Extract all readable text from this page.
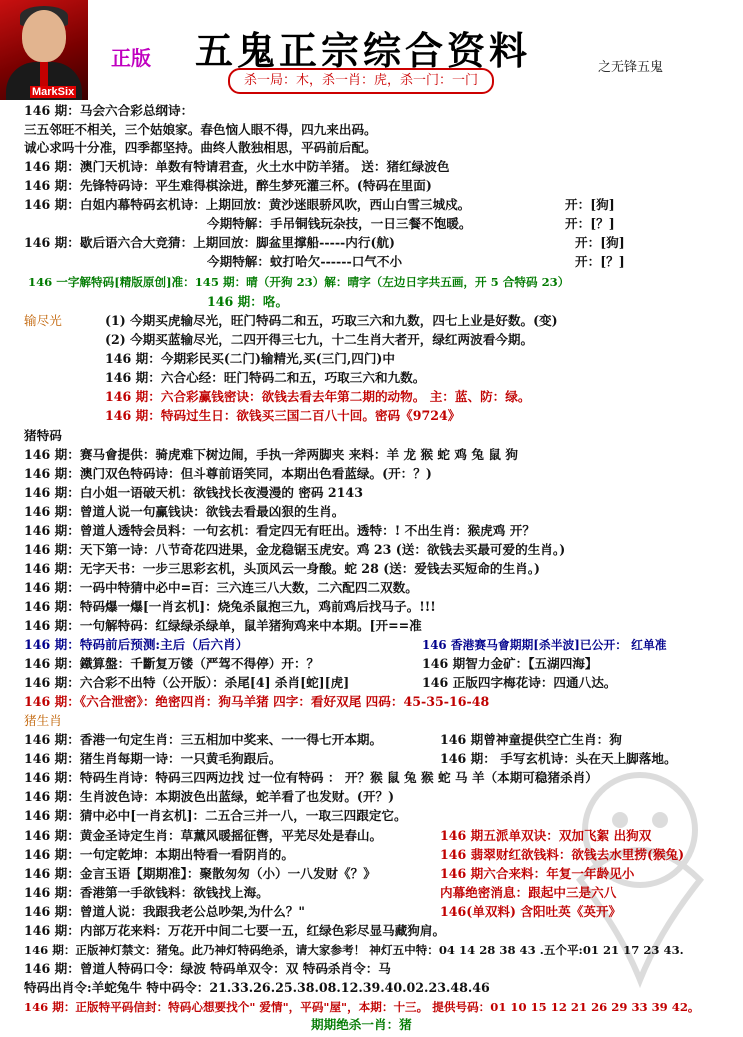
MarkSix
正版 五鬼正宗综合资料
杀一局：木，杀一肖：虎，杀一门：一门
之无锋五鬼
146 期：马会六合彩总纲诗：
三五邻旺不相关，三个姑娘家。春色恼人眼不得，四九来出码。
诚心求吗十分准，四季都坚持。曲终人散独相思，平码前后配。
146 期：澳门天机诗：单数有特请君查，火土水中防羊猪。 送：猪红绿波色
146 期：先锋特码诗：平生难得棋涂进，醉生梦死灌三杯。(特码在里面)
146 期：白姐内幕特码玄机诗：上期回放：黄沙迷眼骄风吹，西山白雪三城戍。	开：[狗]
今期特解：手吊铜钱玩杂技，一日三餐不饱暖。	开：[？]
146 期：歇后语六合大竞猜：上期回放：脚盆里撑船-----内行(航)	开：[狗]
今期特解：蚊打哈欠------口气不小	开：[？]
146 一字解特码[精版原创]准：145 期：晴（开狗 23）解：晴字（左边日字共五画，开 5 合特码 23）
146 期：咯。
输尽光	(1) 今期买虎输尽光，旺门特码二和五，巧取三六和九数，四七上业是好数。(变)
(2) 今期买蓝输尽光，二四开得三七九，十二生肖大者开，绿红两波看今期。
146 期：今期彩民买(二门)输精光,买(三门,四门)中
146 期：六合心经：旺门特码二和五，巧取三六和九数。
146 期：六合彩赢钱密诀：欲钱去看去年第二期的动物。 主：蓝、防：绿。
146 期：特码过生日：欲钱买三国二百八十回。密码《9724》
猪特码
146 期：赛马會提供：骑虎难下树边闹，手执一斧两脚夹 来料：羊 龙 猴 蛇 鸡 兔 鼠 狗
146 期：澳门双色特码诗：但斗尊前语笑同，本期出色看蓝绿。(开：？)
146 期：白小姐一语破天机：欲钱找长夜漫漫的 密码 2143
146 期：曾道人说一句赢钱诀：欲钱去看最凶狠的生肖。
146 期：曾道人透特会员料：一句玄机：看定四无有旺出。透特：! 不出生肖：猴虎鸡 开？
146 期：天下第一诗：八节奇花四进果，金龙稳锯玉虎安。鸡 23 (送：欲钱去买最可爱的生肖。)
146 期：无字天书：一步三思彩玄机，头顶风云一身酸。蛇 28 (送：爱钱去买短命的生肖。)
146 期：一码中特猜中必中=百：三六连三八大数，二六配四二双数。
146 期：特码爆一爆[一肖玄机]：烧兔杀鼠抱三九，鸡前鸡后找马子。!!!
146 期：一句解特码：红绿绿杀绿单，鼠羊猪狗鸡来中本期。[开==准
146 期：特码前后预测:主后（后六肖）	146 香港赛马會期期[杀半波]已公开： 红单准
146 期：鐵算盤：千斷复万镂（严驾不得停）开：？	146 期智力金矿：【五湖四海】
146 期：六合彩不出特（公开版）：杀尾[4] 杀肖[蛇][虎]	146 正版四字梅花诗：四通八达。
146 期：《六合泄密》：绝密四肖：狗马羊猪 四字：看好双尾 四码：45-35-16-48
猪生肖
146 期：香港一句定生肖：三五相加中奖来、一一得七开本期。	146 期曾神童提供空亡生肖：狗
146 期：猪生肖每期一诗：一只黄毛狗跟后。	146 期： 手写玄机诗：头在天上脚落地。
146 期：特码生肖诗：特码三四两边找 过一位有特码 ： 开？猴 鼠 兔 猴 蛇 马 羊（本期可稳猪杀肖）
146 期：生肖波色诗：本期波色出蓝绿，蛇羊看了也发财。(开？)
146 期：猜中必中[一肖玄机]：二五合三并一八，一取三四跟定它。
146 期：黄金圣诗定生肖：草薰风暖摇征辔，平芜尽处是春山。	146 期五派单双诀：双加飞絮 出狗双
146 期：一句定乾坤：本期出特看一看阴肖的。	146 翡翠财红欲钱料：欲钱去水里捞(猴兔)
146 期：金言玉语【期期准】：聚散匆匆（小）一八发财《？》	146 期六合来料：年复一年龄见小
146 期：香港第一手欲钱料：欲钱找上海。	内幕绝密消息：跟起中三是六八
146 期：曾道人说：我跟我老公总吵架,为什么？"	146(单双料) 含阳吐英《英开》
146 期：内部万花来料：万花开中间二七要一五，红绿色彩尽显马藏狗肩。
146 期：正版神灯禁文：猪兔。此乃神灯特码绝杀，请大家参考！ 神灯五中特：04 14 28 38 43 .五个平:01 21 17 23 43.
146 期：曾道人特码口令：绿波 特码单双令：双 特码杀肖令：马
特码出肖令:羊蛇兔牛 特中码令：21.33.26.25.38.08.12.39.40.02.23.48.46
146 期：正版特平码信封：特码心想要找个" 爱情"，平码"屋"，本期：十三。 提供号码：01 10 15 12 21 26 29 33 39 42。
期期绝杀一肖：猪
